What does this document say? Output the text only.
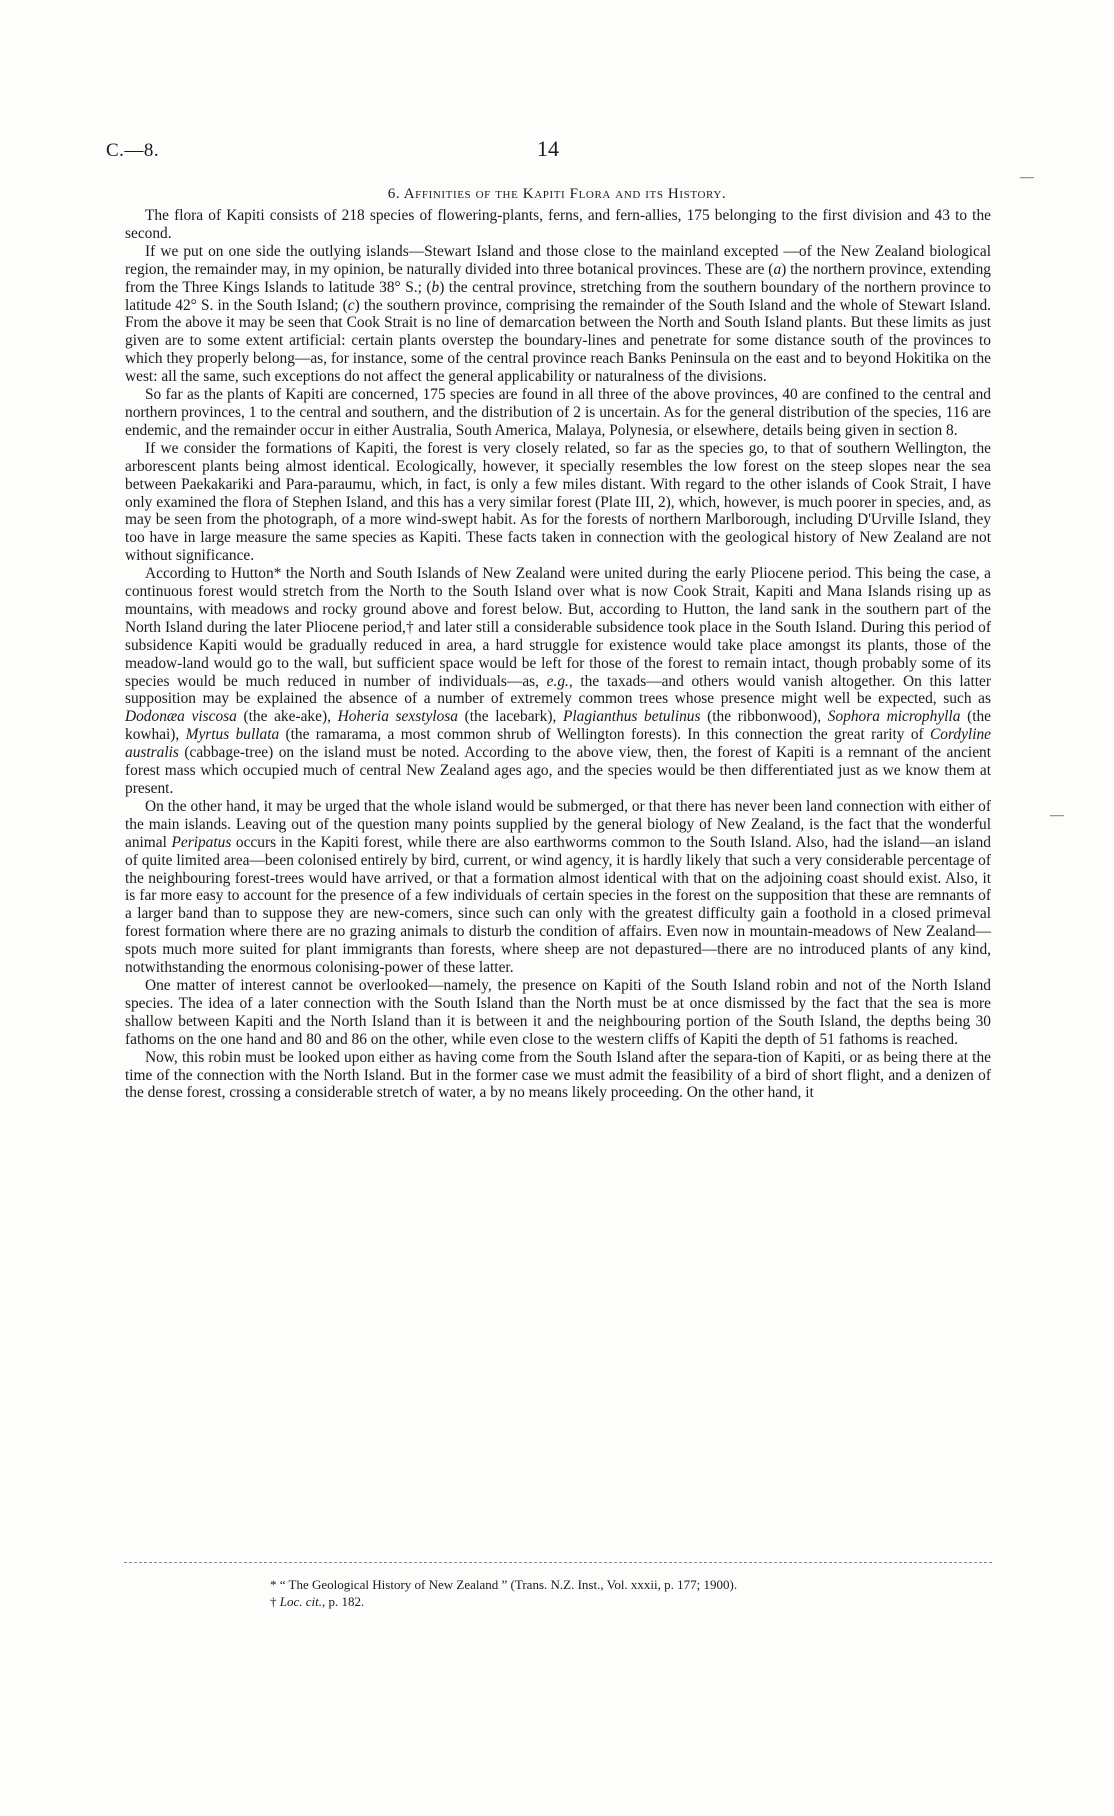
C.—8.	14
6. Affinities of the Kapiti Flora and its History.

The flora of Kapiti consists of 218 species of flowering-plants, ferns, and fern-allies, 175 belonging to the first division and 43 to the second.

If we put on one side the outlying islands—Stewart Island and those close to the mainland excepted —of the New Zealand biological region, the remainder may, in my opinion, be naturally divided into three botanical provinces. These are (a) the northern province, extending from the Three Kings Islands to latitude 38° S.; (b) the central province, stretching from the southern boundary of the northern province to latitude 42° S. in the South Island; (c) the southern province, comprising the remainder of the South Island and the whole of Stewart Island. From the above it may be seen that Cook Strait is no line of demarcation between the North and South Island plants. But these limits as just given are to some extent artificial: certain plants overstep the boundary-lines and penetrate for some distance south of the provinces to which they properly belong—as, for instance, some of the central province reach Banks Peninsula on the east and to beyond Hokitika on the west: all the same, such exceptions do not affect the general applicability or naturalness of the divisions.

So far as the plants of Kapiti are concerned, 175 species are found in all three of the above provinces, 40 are confined to the central and northern provinces, 1 to the central and southern, and the distribution of 2 is uncertain. As for the general distribution of the species, 116 are endemic, and the remainder occur in either Australia, South America, Malaya, Polynesia, or elsewhere, details being given in section 8.

If we consider the formations of Kapiti, the forest is very closely related, so far as the species go, to that of southern Wellington, the arborescent plants being almost identical. Ecologically, however, it specially resembles the low forest on the steep slopes near the sea between Paekakariki and Para-paraumu, which, in fact, is only a few miles distant. With regard to the other islands of Cook Strait, I have only examined the flora of Stephen Island, and this has a very similar forest (Plate III, 2), which, however, is much poorer in species, and, as may be seen from the photograph, of a more wind-swept habit. As for the forests of northern Marlborough, including D'Urville Island, they too have in large measure the same species as Kapiti. These facts taken in connection with the geological history of New Zealand are not without significance.

According to Hutton* the North and South Islands of New Zealand were united during the early Pliocene period. This being the case, a continuous forest would stretch from the North to the South Island over what is now Cook Strait, Kapiti and Mana Islands rising up as mountains, with meadows and rocky ground above and forest below. But, according to Hutton, the land sank in the southern part of the North Island during the later Pliocene period,† and later still a considerable subsidence took place in the South Island. During this period of subsidence Kapiti would be gradually reduced in area, a hard struggle for existence would take place amongst its plants, those of the meadow-land would go to the wall, but sufficient space would be left for those of the forest to remain intact, though probably some of its species would be much reduced in number of individuals—as, e.g., the taxads—and others would vanish altogether. On this latter supposition may be explained the absence of a number of extremely common trees whose presence might well be expected, such as Dodonæa viscosa (the ake-ake), Hoheria sexstylosa (the lacebark), Plagianthus betulinus (the ribbonwood), Sophora microphylla (the kowhai), Myrtus bullata (the ramarama, a most common shrub of Wellington forests). In this connection the great rarity of Cordyline australis (cabbage-tree) on the island must be noted. According to the above view, then, the forest of Kapiti is a remnant of the ancient forest mass which occupied much of central New Zealand ages ago, and the species would be then differentiated just as we know them at present.

On the other hand, it may be urged that the whole island would be submerged, or that there has never been land connection with either of the main islands. Leaving out of the question many points supplied by the general biology of New Zealand, is the fact that the wonderful animal Peripatus occurs in the Kapiti forest, while there are also earthworms common to the South Island. Also, had the island—an island of quite limited area—been colonised entirely by bird, current, or wind agency, it is hardly likely that such a very considerable percentage of the neighbouring forest-trees would have arrived, or that a formation almost identical with that on the adjoining coast should exist. Also, it is far more easy to account for the presence of a few individuals of certain species in the forest on the supposition that these are remnants of a larger band than to suppose they are new-comers, since such can only with the greatest difficulty gain a foothold in a closed primeval forest formation where there are no grazing animals to disturb the condition of affairs. Even now in mountain-meadows of New Zealand—spots much more suited for plant immigrants than forests, where sheep are not depastured—there are no introduced plants of any kind, notwithstanding the enormous colonising-power of these latter.

One matter of interest cannot be overlooked—namely, the presence on Kapiti of the South Island robin and not of the North Island species. The idea of a later connection with the South Island than the North must be at once dismissed by the fact that the sea is more shallow between Kapiti and the North Island than it is between it and the neighbouring portion of the South Island, the depths being 30 fathoms on the one hand and 80 and 86 on the other, while even close to the western cliffs of Kapiti the depth of 51 fathoms is reached.

Now, this robin must be looked upon either as having come from the South Island after the separa-tion of Kapiti, or as being there at the time of the connection with the North Island. But in the former case we must admit the feasibility of a bird of short flight, and a denizen of the dense forest, crossing a considerable stretch of water, a by no means likely proceeding. On the other hand, it

* “ The Geological History of New Zealand ” (Trans. N.Z. Inst., Vol. xxxii, p. 177; 1900).
† Loc. cit., p. 182.
—
—
